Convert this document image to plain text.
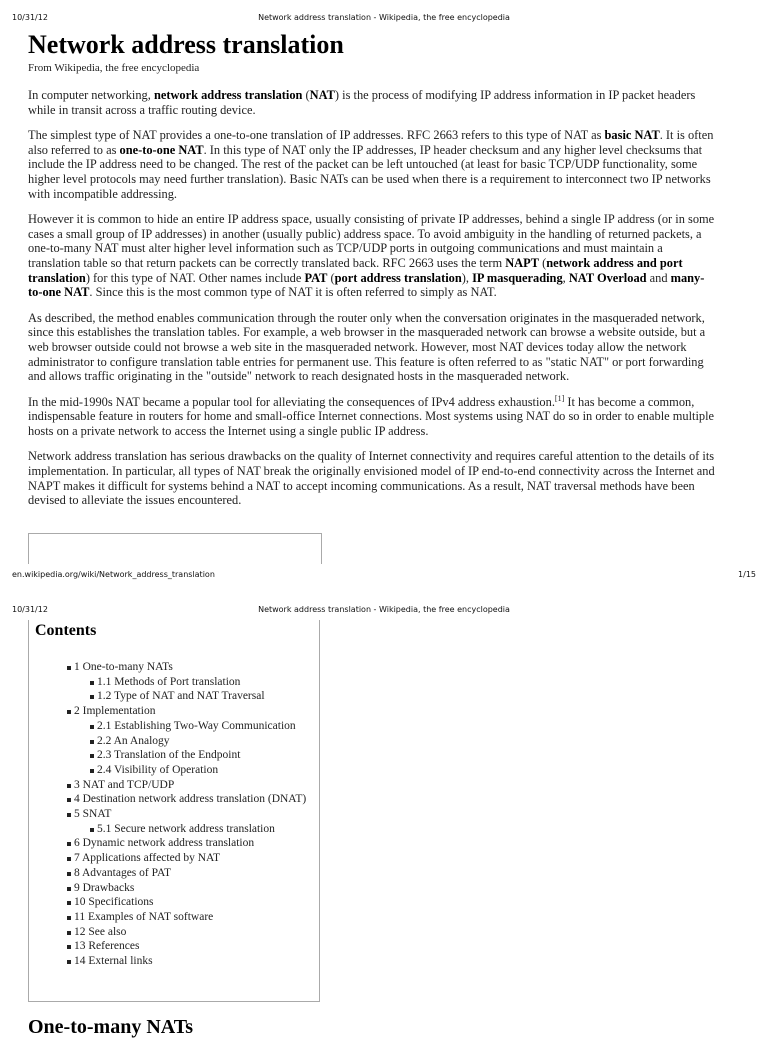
10/31/12	Network address translation - Wikipedia, the free encyclopedia
Network address translation
From Wikipedia, the free encyclopedia

In computer networking, network address translation (NAT) is the process of modifying IP address information in IP packet headers while in transit across a traffic routing device.

The simplest type of NAT provides a one-to-one translation of IP addresses. RFC 2663 refers to this type of NAT as basic NAT. It is often also referred to as one-to-one NAT. In this type of NAT only the IP addresses, IP header checksum and any higher level checksums that include the IP address need to be changed. The rest of the packet can be left untouched (at least for basic TCP/UDP functionality, some higher level protocols may need further translation). Basic NATs can be used when there is a requirement to interconnect two IP networks with incompatible addressing.

However it is common to hide an entire IP address space, usually consisting of private IP addresses, behind a single IP address (or in some cases a small group of IP addresses) in another (usually public) address space. To avoid ambiguity in the handling of returned packets, a one-to-many NAT must alter higher level information such as TCP/UDP ports in outgoing communications and must maintain a translation table so that return packets can be correctly translated back. RFC 2663 uses the term NAPT (network address and port translation) for this type of NAT. Other names include PAT (port address translation), IP masquerading, NAT Overload and many-to-one NAT. Since this is the most common type of NAT it is often referred to simply as NAT.

As described, the method enables communication through the router only when the conversation originates in the masqueraded network, since this establishes the translation tables. For example, a web browser in the masqueraded network can browse a website outside, but a web browser outside could not browse a web site in the masqueraded network. However, most NAT devices today allow the network administrator to configure translation table entries for permanent use. This feature is often referred to as "static NAT" or port forwarding and allows traffic originating in the "outside" network to reach designated hosts in the masqueraded network.

In the mid-1990s NAT became a popular tool for alleviating the consequences of IPv4 address exhaustion.[1] It has become a common, indispensable feature in routers for home and small-office Internet connections. Most systems using NAT do so in order to enable multiple hosts on a private network to access the Internet using a single public IP address.

Network address translation has serious drawbacks on the quality of Internet connectivity and requires careful attention to the details of its implementation. In particular, all types of NAT break the originally envisioned model of IP end-to-end connectivity across the Internet and NAPT makes it difficult for systems behind a NAT to accept incoming communications. As a result, NAT traversal methods have been devised to alleviate the issues encountered.

en.wikipedia.org/wiki/Network_address_translation	1/15
10/31/12	Network address translation - Wikipedia, the free encyclopedia
Contents
1 One-to-many NATs
1.1 Methods of Port translation
1.2 Type of NAT and NAT Traversal
2 Implementation
2.1 Establishing Two-Way Communication
2.2 An Analogy
2.3 Translation of the Endpoint
2.4 Visibility of Operation
3 NAT and TCP/UDP
4 Destination network address translation (DNAT)
5 SNAT
5.1 Secure network address translation
6 Dynamic network address translation
7 Applications affected by NAT
8 Advantages of PAT
9 Drawbacks
10 Specifications
11 Examples of NAT software
12 See also
13 References
14 External links
One-to-many NATs
